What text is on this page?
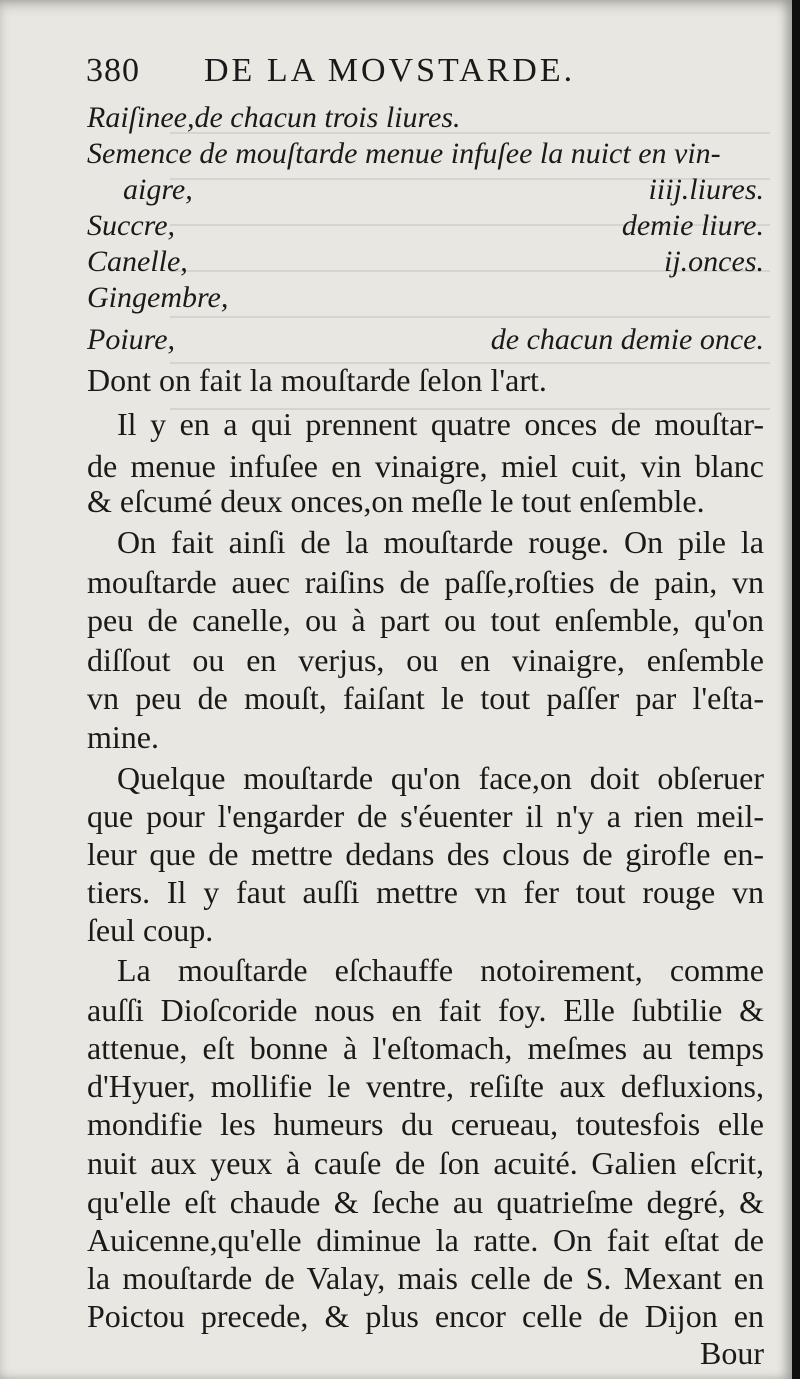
380 DE LA MOVSTARDE.
Raiſinee,de chacun trois liures.
Semence de mouſtarde menue infuſee la nuict en vin-
aigre,	iiij.liures.
Succre,	demie liure.
Canelle,	ij.onces.
Gingembre,
Poiure,	de chacun demie once.
Dont on fait la mouſtarde ſelon l'art.
Il y en a qui prennent quatre onces de mouſtar-
de menue infuſee en vinaigre, miel cuit, vin blanc
& eſcumé deux onces,on meſle le tout enſemble.
On fait ainſi de la mouſtarde rouge. On pile la
mouſtarde auec raiſins de paſſe,roſties de pain, vn
peu de canelle, ou à part ou tout enſemble, qu'on
diſſout ou en verjus, ou en vinaigre, enſemble
vn peu de mouſt, faiſant le tout paſſer par l'eſta-
mine.
Quelque mouſtarde qu'on face,on doit obſeruer
que pour l'engarder de s'éuenter il n'y a rien meil-
leur que de mettre dedans des clous de girofle en-
tiers. Il y faut auſſi mettre vn fer tout rouge vn
ſeul coup.
La mouſtarde eſchauffe notoirement, comme
auſſi Dioſcoride nous en fait foy. Elle ſubtilie &
attenue, eſt bonne à l'eſtomach, meſmes au temps
d'Hyuer, mollifie le ventre, reſiſte aux defluxions,
mondifie les humeurs du cerueau, toutesfois elle
nuit aux yeux à cauſe de ſon acuité. Galien eſcrit,
qu'elle eſt chaude & ſeche au quatrieſme degré, &
Auicenne,qu'elle diminue la ratte. On fait eſtat de
la mouſtarde de Valay, mais celle de S. Mexant en
Poictou precede, & plus encor celle de Dijon en
Bour
